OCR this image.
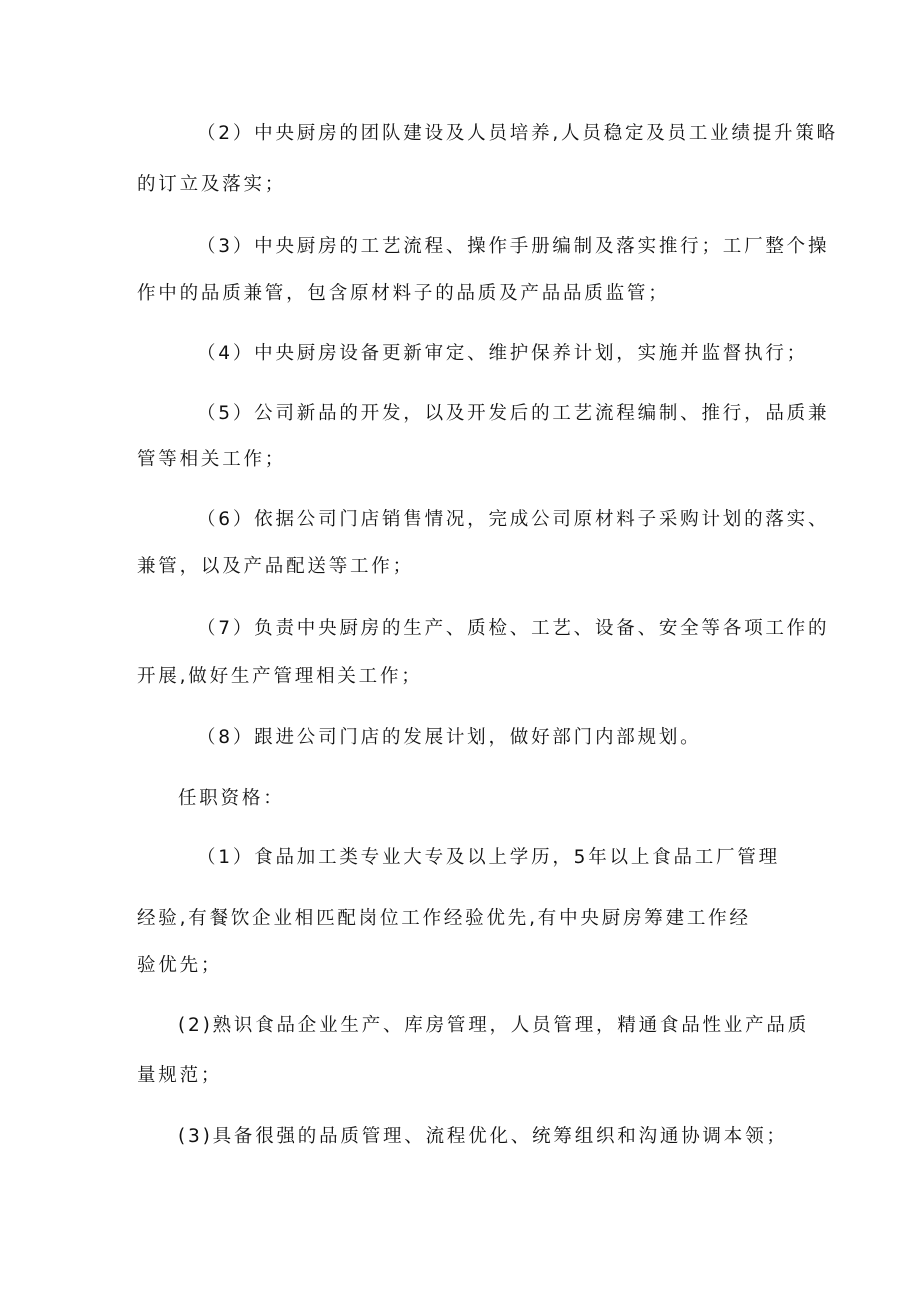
（2）中央厨房的团队建设及人员培养,人员稳定及员工业绩提升策略
的订立及落实；
（3）中央厨房的工艺流程、操作手册编制及落实推行；工厂整个操
作中的品质兼管，包含原材料子的品质及产品品质监管；
（4）中央厨房设备更新审定、维护保养计划，实施并监督执行；
（5）公司新品的开发，以及开发后的工艺流程编制、推行，品质兼
管等相关工作；
（6）依据公司门店销售情况，完成公司原材料子采购计划的落实、
兼管，以及产品配送等工作；
（7）负责中央厨房的生产、质检、工艺、设备、安全等各项工作的
开展,做好生产管理相关工作；
（8）跟进公司门店的发展计划，做好部门内部规划。
任职资格：
（1）食品加工类专业大专及以上学历，5年以上食品工厂管理
经验,有餐饮企业相匹配岗位工作经验优先,有中央厨房筹建工作经
验优先；
(2)熟识食品企业生产、库房管理，人员管理，精通食品性业产品质
量规范；
(3)具备很强的品质管理、流程优化、统筹组织和沟通协调本领；
